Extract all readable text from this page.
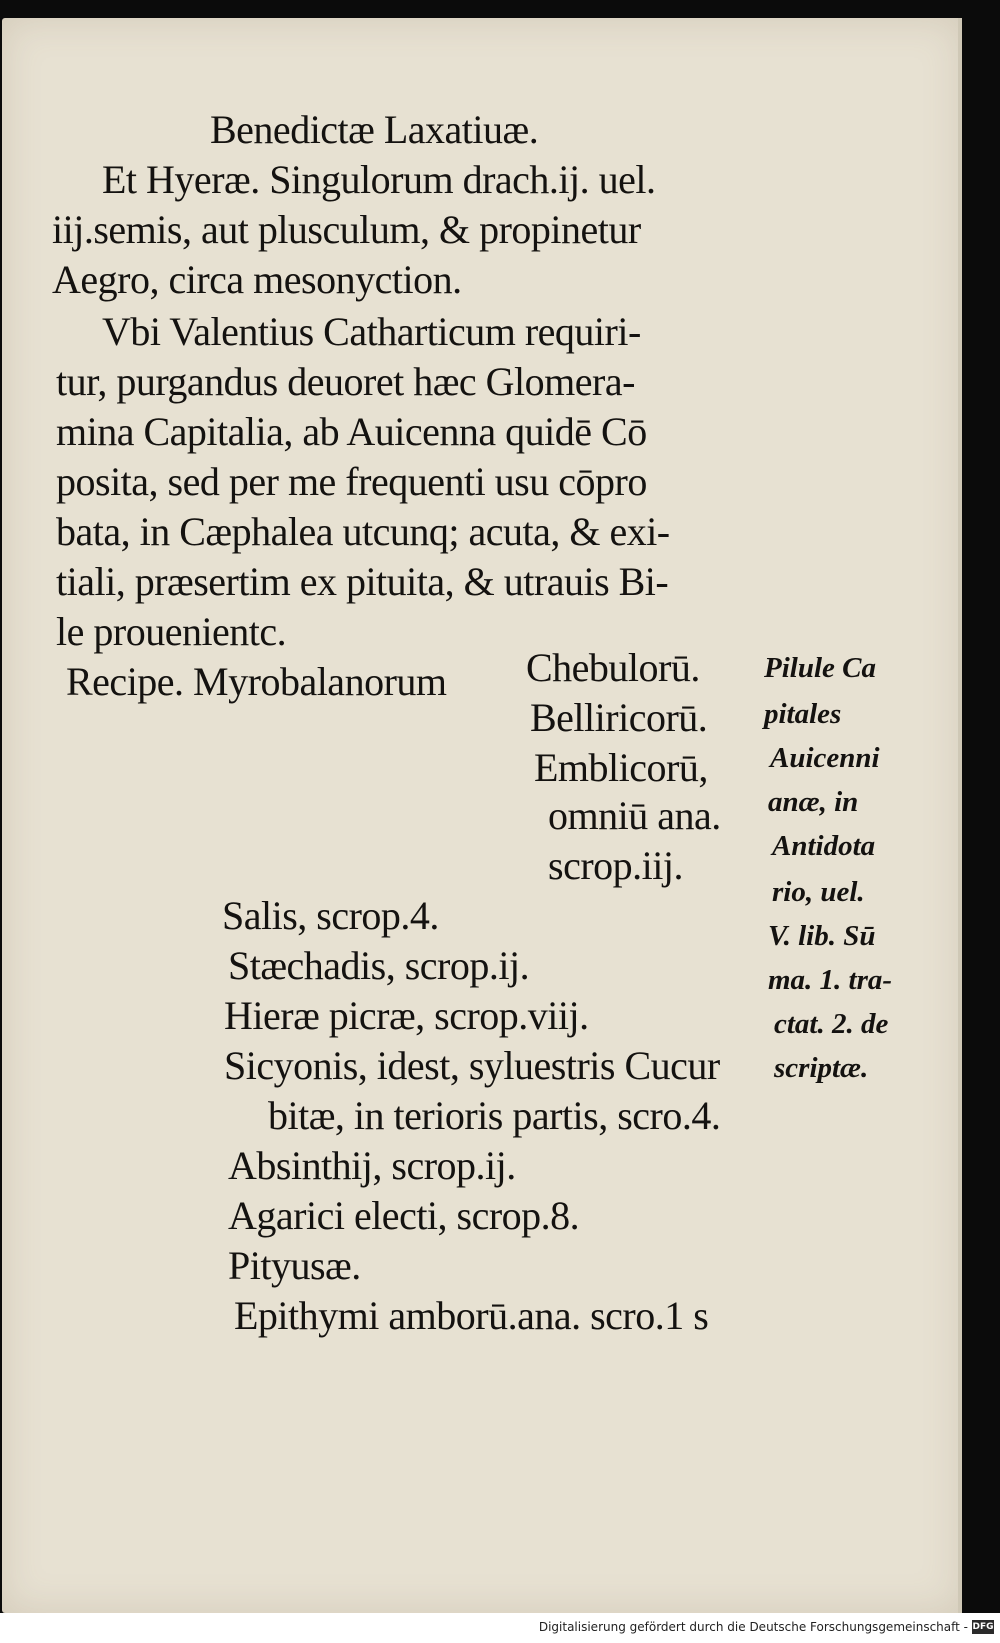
Benedictæ Laxatiuæ.
Et Hyeræ. Singulorum drach.ij. uel.
iij.semis, aut plusculum, & propinetur
Aegro, circa mesonyction.
Vbi Valentius Catharticum requiri-
tur, purgandus deuoret hæc Glomera-
mina Capitalia, ab Auicenna quidē Cō
posita, sed per me frequenti usu cōpro
bata, in Cæphalea utcunq; acuta, & exi-
tiali, præsertim ex pituita, & utrauis Bi-
le prouenientc.
Recipe. Myrobalanorum Chebulorū.
Belliricorū.
Emblicorū,
omniū ana.
scrop.iij.
Salis, scrop.4.
Stæchadis, scrop.ij.
Hieræ picræ, scrop.viij.
Sicyonis, idest, syluestris Cucur
bitæ, in terioris partis, scro.4.
Absinthij, scrop.ij.
Agarici electi, scrop.8.
Pityusæ.
Epithymi amborū.ana. scro.1 s
Pilule Ca
pitales
Auicenni
anæ, in
Antidota
rio, uel.
V. lib. Sū
ma. 1. tra-
ctat. 2. de
scriptæ.
Digitalisierung gefördert durch die Deutsche Forschungsgemeinschaft - DFG
